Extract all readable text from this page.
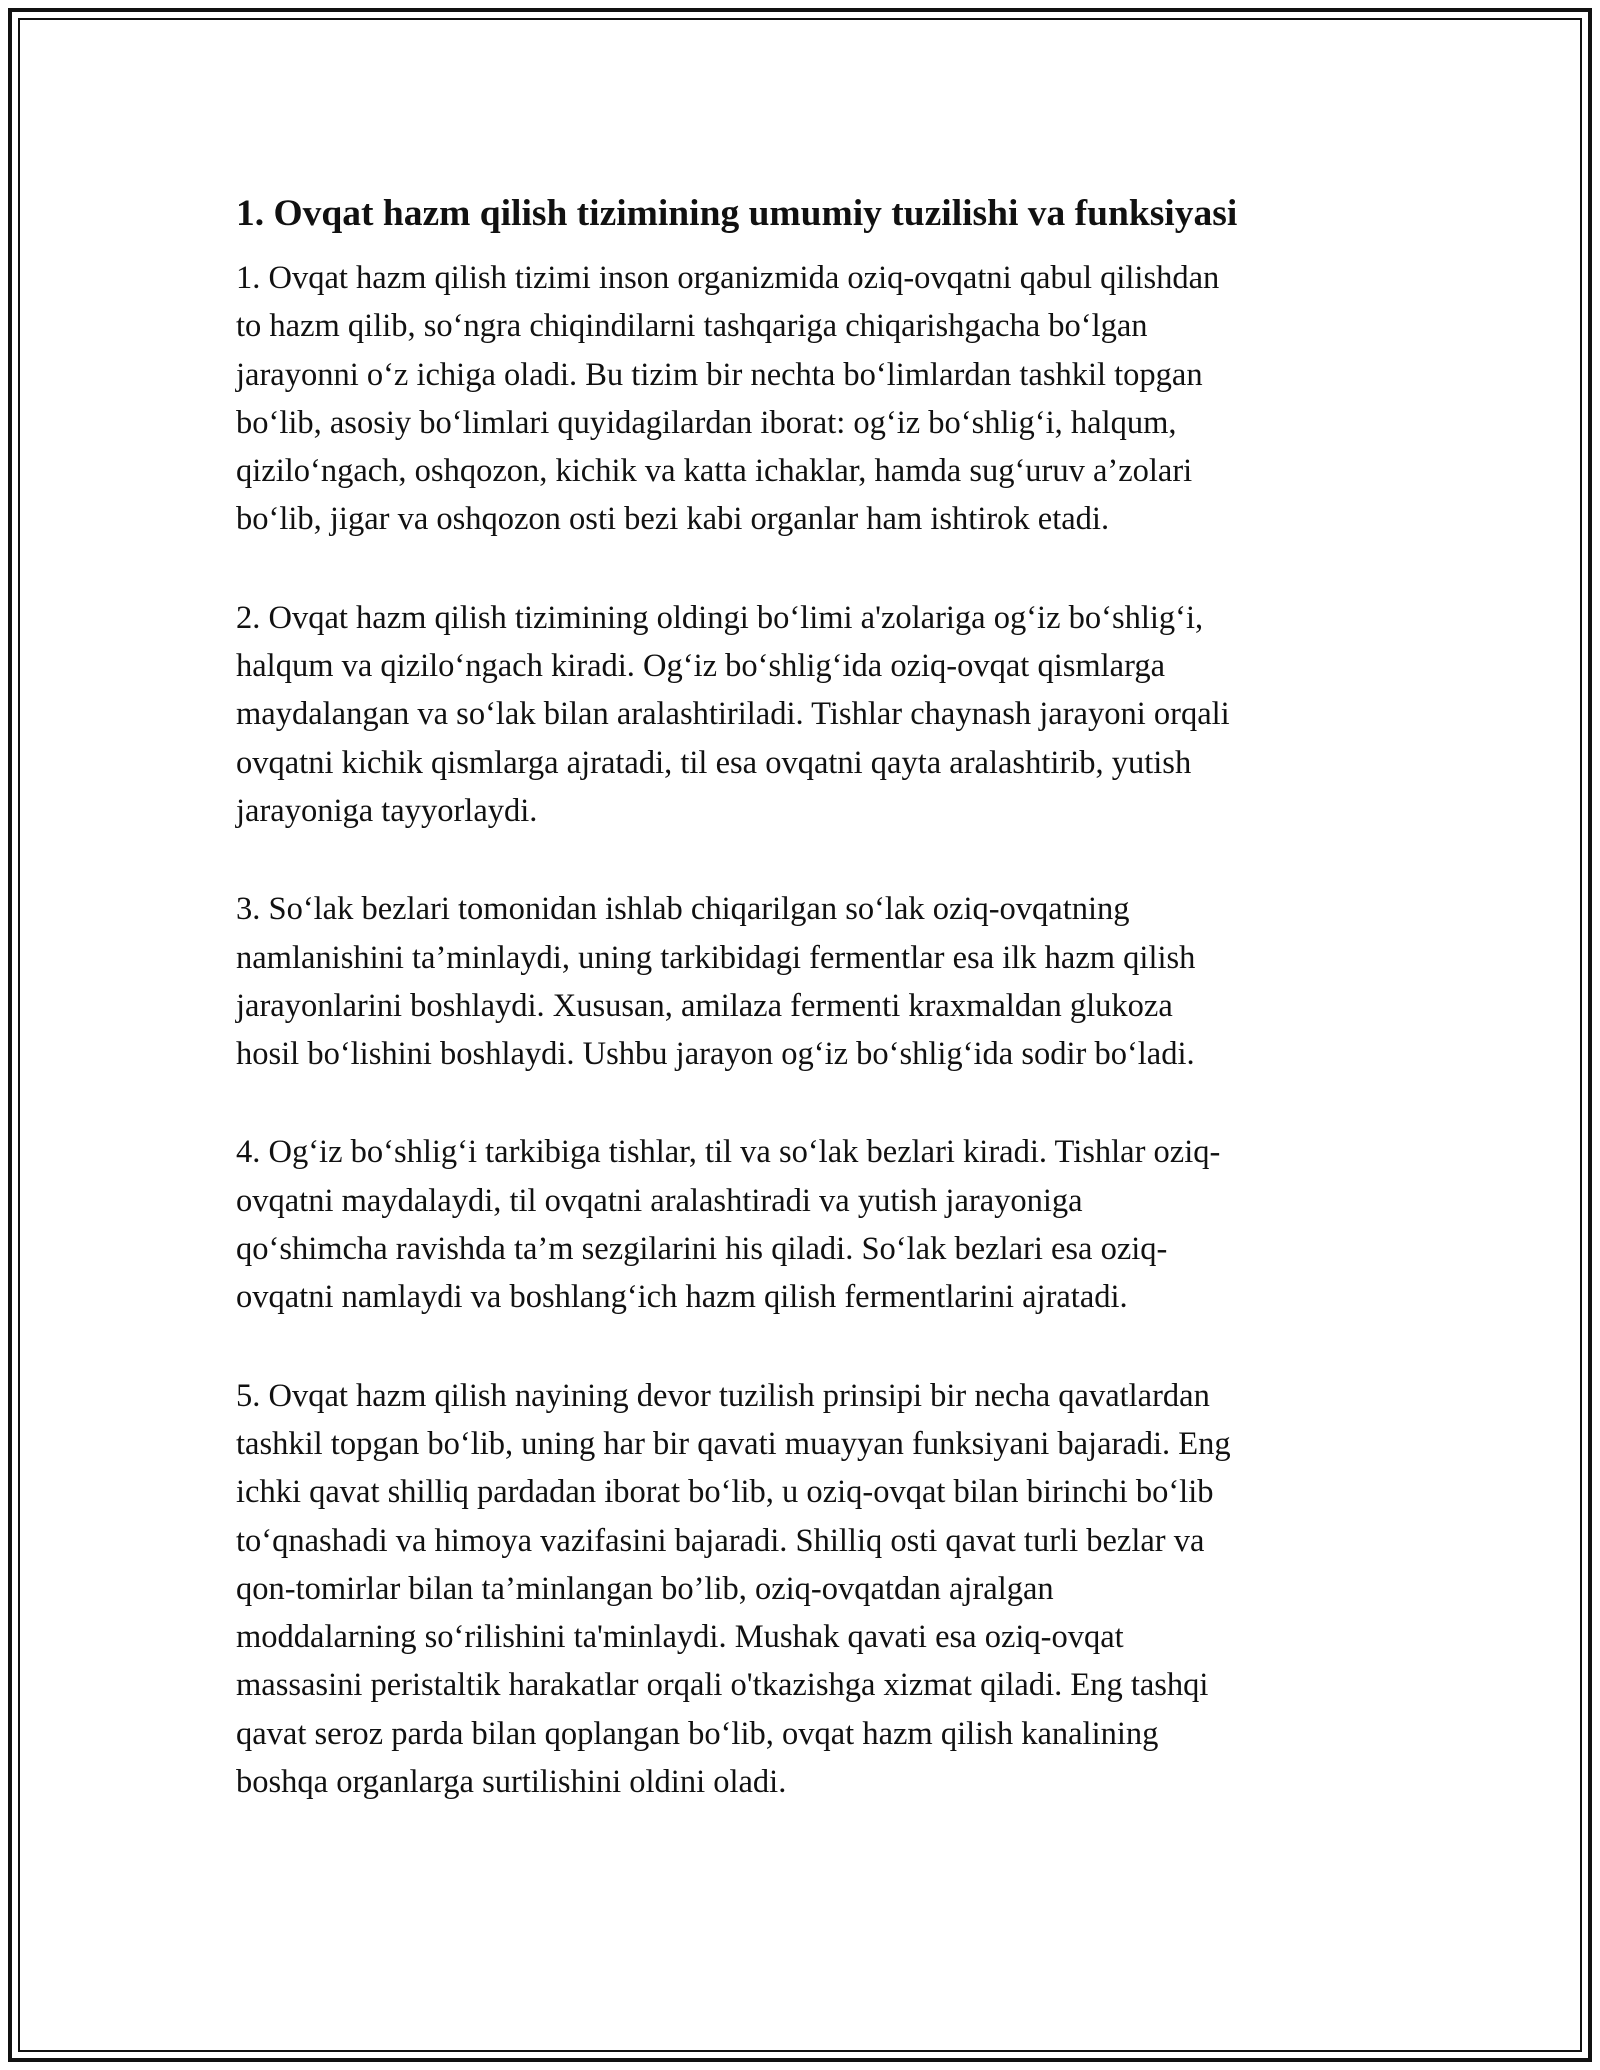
1. Ovqat hazm qilish tizimining umumiy tuzilishi va funksiyasi

1. Ovqat hazm qilish tizimi inson organizmida oziq-ovqatni qabul qilishdan
to hazm qilib, so‘ngra chiqindilarni tashqariga chiqarishgacha bo‘lgan
jarayonni o‘z ichiga oladi. Bu tizim bir nechta bo‘limlardan tashkil topgan
bo‘lib, asosiy bo‘limlari quyidagilardan iborat: og‘iz bo‘shlig‘i, halqum,
qizilo‘ngach, oshqozon, kichik va katta ichaklar, hamda sug‘uruv a’zolari
bo‘lib, jigar va oshqozon osti bezi kabi organlar ham ishtirok etadi.

2. Ovqat hazm qilish tizimining oldingi bo‘limi a'zolariga og‘iz bo‘shlig‘i,
halqum va qizilo‘ngach kiradi. Og‘iz bo‘shlig‘ida oziq-ovqat qismlarga
maydalangan va so‘lak bilan aralashtiriladi. Tishlar chaynash jarayoni orqali
ovqatni kichik qismlarga ajratadi, til esa ovqatni qayta aralashtirib, yutish
jarayoniga tayyorlaydi.

3. So‘lak bezlari tomonidan ishlab chiqarilgan so‘lak oziq-ovqatning
namlanishini ta’minlaydi, uning tarkibidagi fermentlar esa ilk hazm qilish
jarayonlarini boshlaydi. Xususan, amilaza fermenti kraxmaldan glukoza
hosil bo‘lishini boshlaydi. Ushbu jarayon og‘iz bo‘shlig‘ida sodir bo‘ladi.

4. Og‘iz bo‘shlig‘i tarkibiga tishlar, til va so‘lak bezlari kiradi. Tishlar oziq-
ovqatni maydalaydi, til ovqatni aralashtiradi va yutish jarayoniga
qo‘shimcha ravishda ta’m sezgilarini his qiladi. So‘lak bezlari esa oziq-
ovqatni namlaydi va boshlang‘ich hazm qilish fermentlarini ajratadi.

5. Ovqat hazm qilish nayining devor tuzilish prinsipi bir necha qavatlardan
tashkil topgan bo‘lib, uning har bir qavati muayyan funksiyani bajaradi. Eng
ichki qavat shilliq pardadan iborat bo‘lib, u oziq-ovqat bilan birinchi bo‘lib
to‘qnashadi va himoya vazifasini bajaradi. Shilliq osti qavat turli bezlar va
qon-tomirlar bilan ta’minlangan bo’lib, oziq-ovqatdan ajralgan
moddalarning so‘rilishini ta'minlaydi. Mushak qavati esa oziq-ovqat
massasini peristaltik harakatlar orqali o'tkazishga xizmat qiladi. Eng tashqi
qavat seroz parda bilan qoplangan bo‘lib, ovqat hazm qilish kanalining
boshqa organlarga surtilishini oldini oladi.
